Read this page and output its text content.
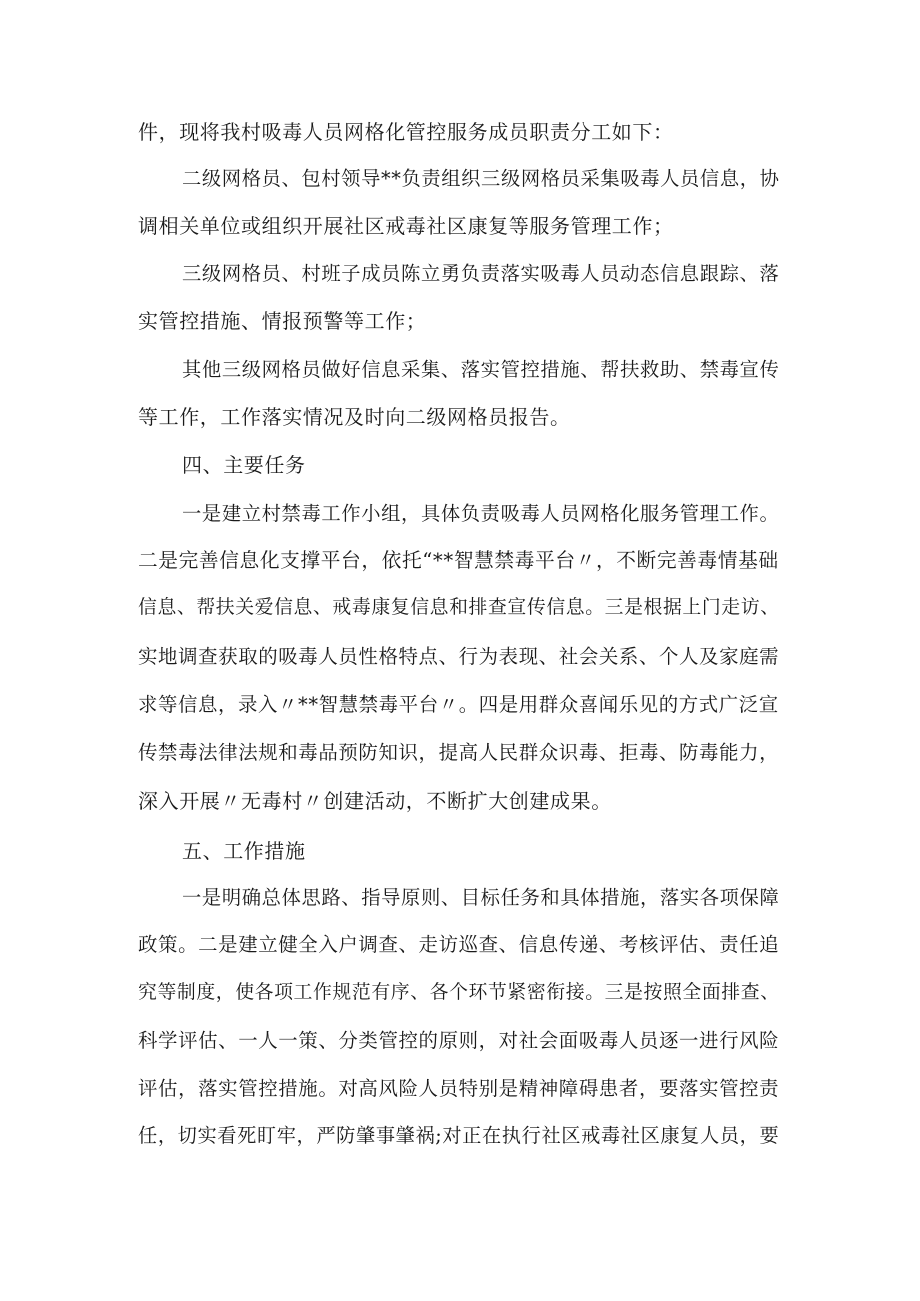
件，现将我村吸毒人员网格化管控服务成员职责分工如下：
二级网格员、包村领导**负责组织三级网格员采集吸毒人员信息，协
调相关单位或组织开展社区戒毒社区康复等服务管理工作；
三级网格员、村班子成员陈立勇负责落实吸毒人员动态信息跟踪、落
实管控措施、情报预警等工作；
其他三级网格员做好信息采集、落实管控措施、帮扶救助、禁毒宣传
等工作，工作落实情况及时向二级网格员报告。
四、主要任务
一是建立村禁毒工作小组，具体负责吸毒人员网格化服务管理工作。
二是完善信息化支撑平台，依托“**智慧禁毒平台〃，不断完善毒情基础
信息、帮扶关爱信息、戒毒康复信息和排查宣传信息。三是根据上门走访、
实地调查获取的吸毒人员性格特点、行为表现、社会关系、个人及家庭需
求等信息，录入〃**智慧禁毒平台〃。四是用群众喜闻乐见的方式广泛宣
传禁毒法律法规和毒品预防知识，提高人民群众识毒、拒毒、防毒能力，
深入开展〃无毒村〃创建活动，不断扩大创建成果。
五、工作措施
一是明确总体思路、指导原则、目标任务和具体措施，落实各项保障
政策。二是建立健全入户调查、走访巡查、信息传递、考核评估、责任追
究等制度，使各项工作规范有序、各个环节紧密衔接。三是按照全面排查、
科学评估、一人一策、分类管控的原则，对社会面吸毒人员逐一进行风险
评估，落实管控措施。对高风险人员特别是精神障碍患者，要落实管控责
任，切实看死盯牢，严防肇事肇祸;对正在执行社区戒毒社区康复人员，要
